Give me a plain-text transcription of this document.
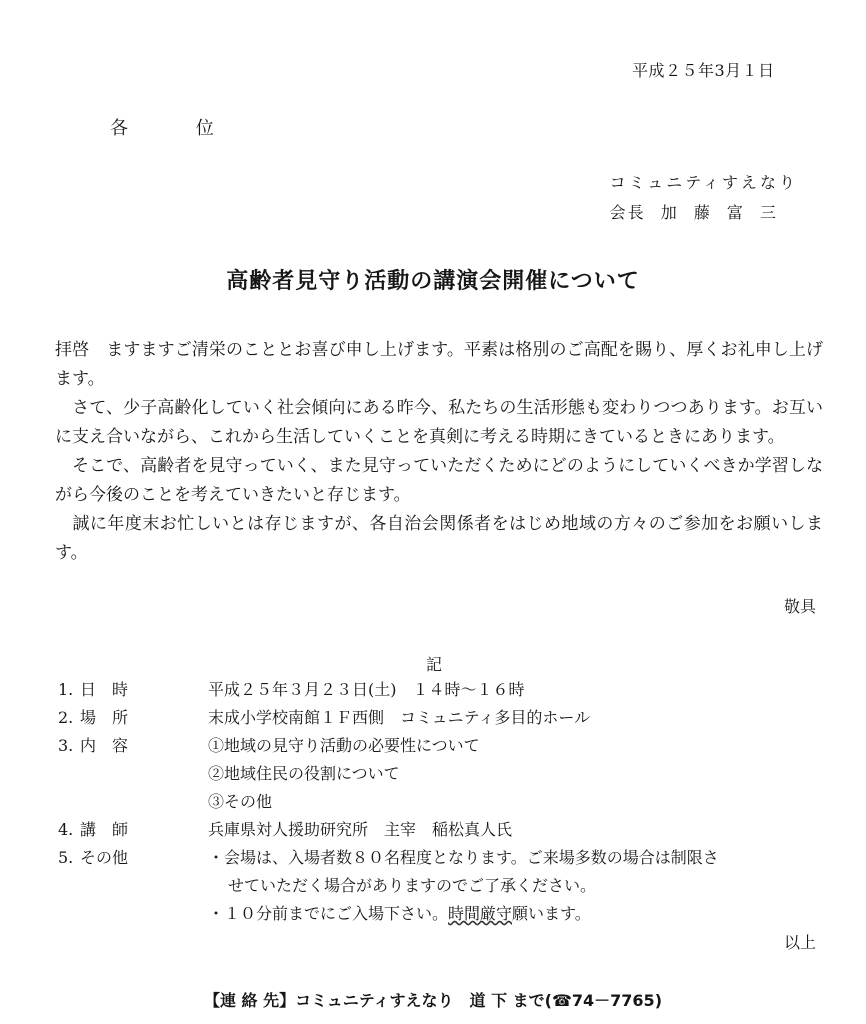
平成２５年3月１日
各 位
コミュニティすえなり
会長 加 藤 富 三
高齢者見守り活動の講演会開催について

拝啓　ますますご清栄のこととお喜び申し上げます。平素は格別のご高配を賜り、厚くお礼申し上げます。

　さて、少子高齢化していく社会傾向にある昨今、私たちの生活形態も変わりつつあります。お互いに支え合いながら、これから生活していくことを真剣に考える時期にきているときにあります。

　そこで、高齢者を見守っていく、また見守っていただくためにどのようにしていくべきか学習しながら今後のことを考えていきたいと存じます。

　誠に年度末お忙しいとは存じますが、各自治会関係者をはじめ地域の方々のご参加をお願いします。

敬具
記
1. 日　時	平成２５年３月２３日(土)　１４時～１６時
2. 場　所	末成小学校南館１Ｆ西側　コミュニティ多目的ホール
3. 内　容	①地域の見守り活動の必要性について
②地域住民の役割について
③その他
4. 講　師	兵庫県対人援助研究所　主宰　稲松真人氏
5. その他	・会場は、入場者数８０名程度となります。ご来場多数の場合は制限さ
せていただく場合がありますのでご了承ください。
・１０分前までにご入場下さい。時間厳守願います。
以上
【連 絡 先】コミュニティすえなり　道 下 まで(☎74－7765)
